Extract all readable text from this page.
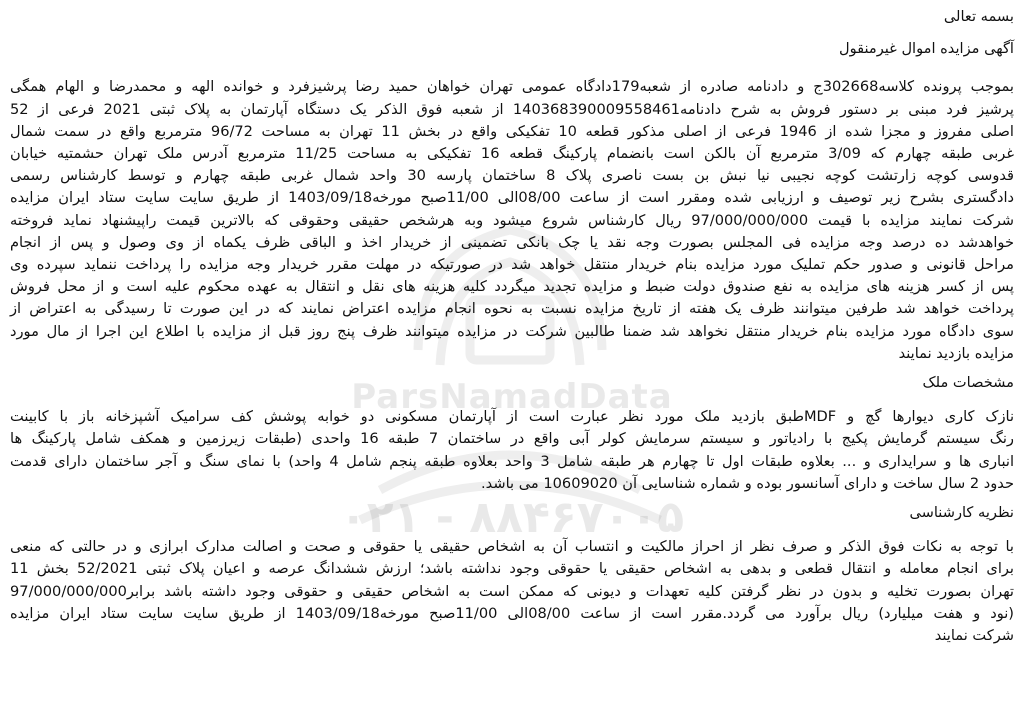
ParsNamadData
۰۲۱ - ۸۸۴۶۷۰۰۵
بسمه تعالی
آگهی مزایده اموال غیرمنقول
بموجب پرونده کلاسه302668ج و دادنامه صادره از شعبه179دادگاه عمومی تهران خواهان حمید رضا پرشیزفرد و خوانده الهه و محمدرضا و الهام همگی
پرشیز فرد مبنی بر دستور فروش به شرح دادنامه140368390009558461 از شعبه فوق الذکر یک دستگاه آپارتمان به پلاک ثبتی 2021 فرعی از 52
اصلی مفروز و مجزا شده از 1946 فرعی از اصلی مذکور قطعه 10 تفکیکی واقع در بخش 11 تهران به مساحت 96/72 مترمربع واقع در سمت شمال
غربی طبقه چهارم که 3/09 مترمربع آن بالکن است بانضمام پارکینگ قطعه 16 تفکیکی به مساحت 11/25 مترمربع آدرس ملک تهران حشمتیه خیابان
قدوسی کوچه زارتشت کوچه نجیبی نیا نبش بن بست ناصری پلاک 8 ساختمان پارسه 30 واحد شمال غربی طبقه چهارم و توسط کارشناس رسمی
دادگستری بشرح زیر توصیف و ارزیابی شده ومقرر است از ساعت 08/00الی 11/00صبح مورخه1403/09/18 از طریق سایت سایت ستاد ایران مزایده
شرکت نمایند مزایده با قیمت 97/000/000/000 ریال کارشناس شروع میشود وبه هرشخص حقیقی وحقوقی که بالاترین قیمت راپیشنهاد نماید فروخته
خواهدشد ده درصد وجه مزایده فی المجلس بصورت وجه نقد یا چک بانکی تضمینی از خریدار اخذ و الباقی ظرف یکماه از وی وصول و پس از انجام
مراحل قانونی و صدور حکم تملیک مورد مزایده بنام خریدار منتقل خواهد شد در صورتیکه در مهلت مقرر خریدار وجه مزایده را پرداخت ننماید سپرده وی
پس از کسر هزینه های مزایده به نفع صندوق دولت ضبط و مزایده تجدید میگردد کلیه هزینه های نقل و انتقال به عهده محکوم علیه است و از محل فروش
پرداخت خواهد شد طرفین میتوانند ظرف یک هفته از تاریخ مزایده نسبت به نحوه انجام مزایده اعتراض نمایند که در این صورت تا رسیدگی به اعتراض از
سوی دادگاه مورد مزایده بنام خریدار منتقل نخواهد شد ضمنا طالبین شرکت در مزایده میتوانند ظرف پنج روز قبل از مزایده با اطلاع این اجرا از مال مورد
مزایده بازدید نمایند
مشخصات ملک
نازک کاری دیوارها گچ و MDFطبق بازدید ملک مورد نظر عبارت است از آپارتمان مسکونی دو خوابه پوشش کف سرامیک آشپزخانه باز با کابینت
رنگ سیستم گرمایش پکیج با رادیاتور و سیستم سرمایش کولر آبی واقع در ساختمان 7 طبقه 16 واحدی (طبقات زیرزمین و همکف شامل پارکینگ ها
انباری ها و سرایداری و ... بعلاوه طبقات اول تا چهارم هر طبقه شامل 3 واحد بعلاوه طبقه پنجم شامل 4 واحد) با نمای سنگ و آجر ساختمان دارای قدمت
حدود 2 سال ساخت و دارای آسانسور بوده و شماره شناسایی آن 10609020 می باشد.
نظریه کارشناسی
با توجه به نکات فوق الذکر و صرف نظر از احراز مالکیت و انتساب آن به اشخاص حقیقی یا حقوقی و صحت و اصالت مدارک ابرازی و در حالتی که منعی
برای انجام معامله و انتقال قطعی و بدهی به اشخاص حقیقی یا حقوقی وجود نداشته باشد؛ ارزش ششدانگ عرصه و اعیان پلاک ثبتی 52/2021 بخش 11
تهران بصورت تخلیه و بدون در نظر گرفتن کلیه تعهدات و دیونی که ممکن است به اشخاص حقیقی و حقوقی وجود داشته باشد برابر97/000/000/000
(نود و هفت میلیارد) ریال برآورد می گردد.مقرر است از ساعت 08/00الی 11/00صبح مورخه1403/09/18 از طریق سایت سایت ستاد ایران مزایده
شرکت نمایند
